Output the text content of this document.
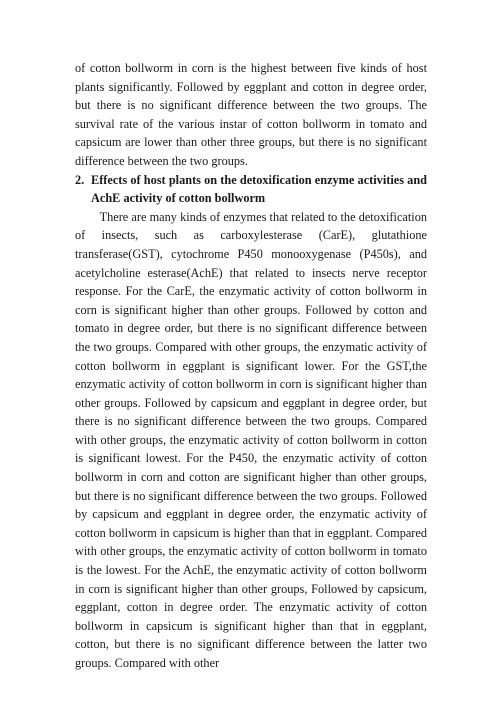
of cotton bollworm in corn is the highest between five kinds of host plants significantly. Followed by eggplant and cotton in degree order, but there is no significant difference between the two groups. The survival rate of the various instar of cotton bollworm in tomato and capsicum are lower than other three groups, but there is no significant difference between the two groups.

2. Effects of host plants on the detoxification enzyme activities and AchE activity of cotton bollworm

There are many kinds of enzymes that related to the detoxification of insects, such as carboxylesterase (CarE), glutathione transferase(GST), cytochrome P450 monooxygenase (P450s), and acetylcholine esterase(AchE) that related to insects nerve receptor response. For the CarE, the enzymatic activity of cotton bollworm in corn is significant higher than other groups. Followed by cotton and tomato in degree order, but there is no significant difference between the two groups. Compared with other groups, the enzymatic activity of cotton bollworm in eggplant is significant lower. For the GST,the enzymatic activity of cotton bollworm in corn is significant higher than other groups. Followed by capsicum and eggplant in degree order, but there is no significant difference between the two groups. Compared with other groups, the enzymatic activity of cotton bollworm in cotton is significant lowest. For the P450, the enzymatic activity of cotton bollworm in corn and cotton are significant higher than other groups, but there is no significant difference between the two groups. Followed by capsicum and eggplant in degree order, the enzymatic activity of cotton bollworm in capsicum is higher than that in eggplant. Compared with other groups, the enzymatic activity of cotton bollworm in tomato is the lowest. For the AchE, the enzymatic activity of cotton bollworm in corn is significant higher than other groups, Followed by capsicum, eggplant, cotton in degree order. The enzymatic activity of cotton bollworm in capsicum is significant higher than that in eggplant, cotton, but there is no significant difference between the latter two groups. Compared with other
